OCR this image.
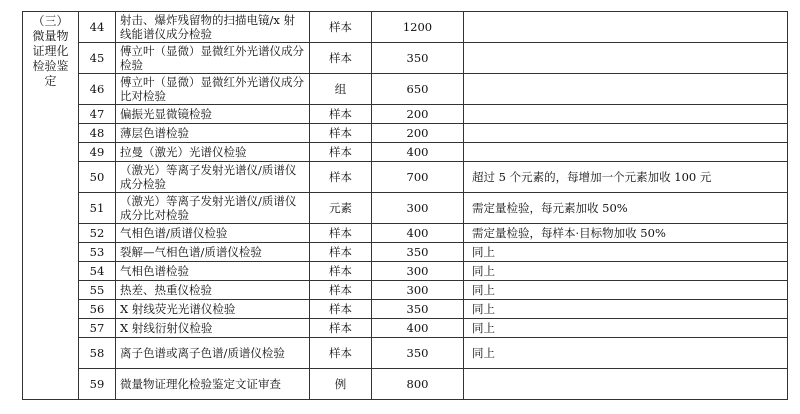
（三）微量物证理化检验鉴定	44	射击、爆炸残留物的扫描电镜/x 射线能谱仪成分检验	样本	1200	
	45	傅立叶（显微）显微红外光谱仪成分检验	样本	350	
	46	傅立叶（显微）显微红外光谱仪成分比对检验	组	650	
	47	偏振光显微镜检验	样本	200	
	48	薄层色谱检验	样本	200	
	49	拉曼（激光）光谱仪检验	样本	400	
	50	（激光）等离子发射光谱仪/质谱仪成分检验	样本	700	超过 5 个元素的，每增加一个元素加收 100 元
	51	（激光）等离子发射光谱仪/质谱仪成分比对检验	元素	300	需定量检验，每元素加收 50%
	52	气相色谱/质谱仪检验	样本	400	需定量检验，每样本·目标物加收 50%
	53	裂解—气相色谱/质谱仪检验	样本	350	同上
	54	气相色谱检验	样本	300	同上
	55	热差、热重仪检验	样本	300	同上
	56	X 射线荧光光谱仪检验	样本	350	同上
	57	X 射线衍射仪检验	样本	400	同上
	58	离子色谱或离子色谱/质谱仪检验	样本	350	同上
	59	微量物证理化检验鉴定文证审查	例	800	
